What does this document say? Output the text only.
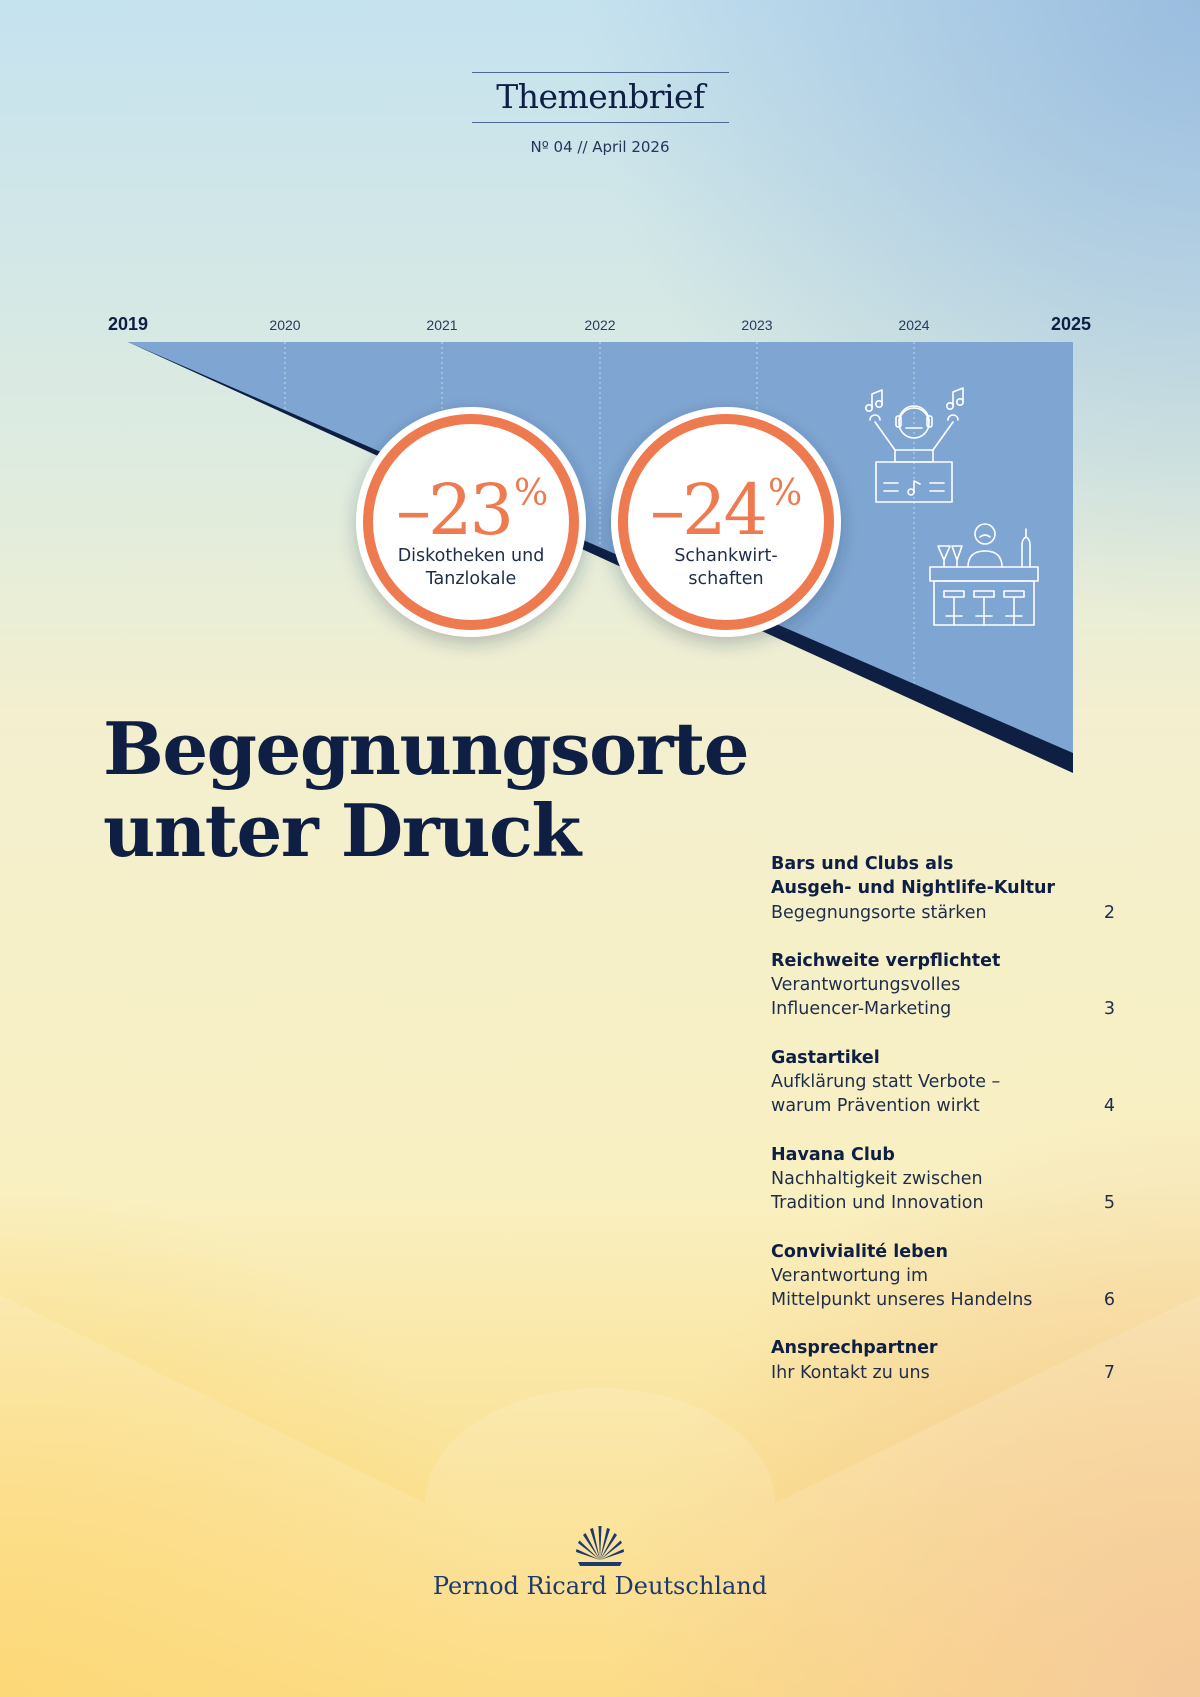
Themenbrief
Nº 04 // April 2026
2019	2025
2020	2021	2022	2023	2024
–23 % –24 %
Diskotheken und
Tanzlokale
Schankwirt-
schaften
Begegnungsorte
unter Druck	Bars und Clubs als
Ausgeh- und Nightlife-Kultur
Begegnungsorte stärken	2
Reichweite verpflichtet
Verantwortungsvolles
Influencer-Marketing	3
Gastartikel
Aufklärung statt Verbote –
warum Prävention wirkt	4
Havana Club
Nachhaltigkeit zwischen
Tradition und Innovation	5
Convivialité leben
Verantwortung im
Mittelpunkt unseres Handelns	6
Ansprechpartner
Ihr Kontakt zu uns	7
Pernod Ricard Deutschland
